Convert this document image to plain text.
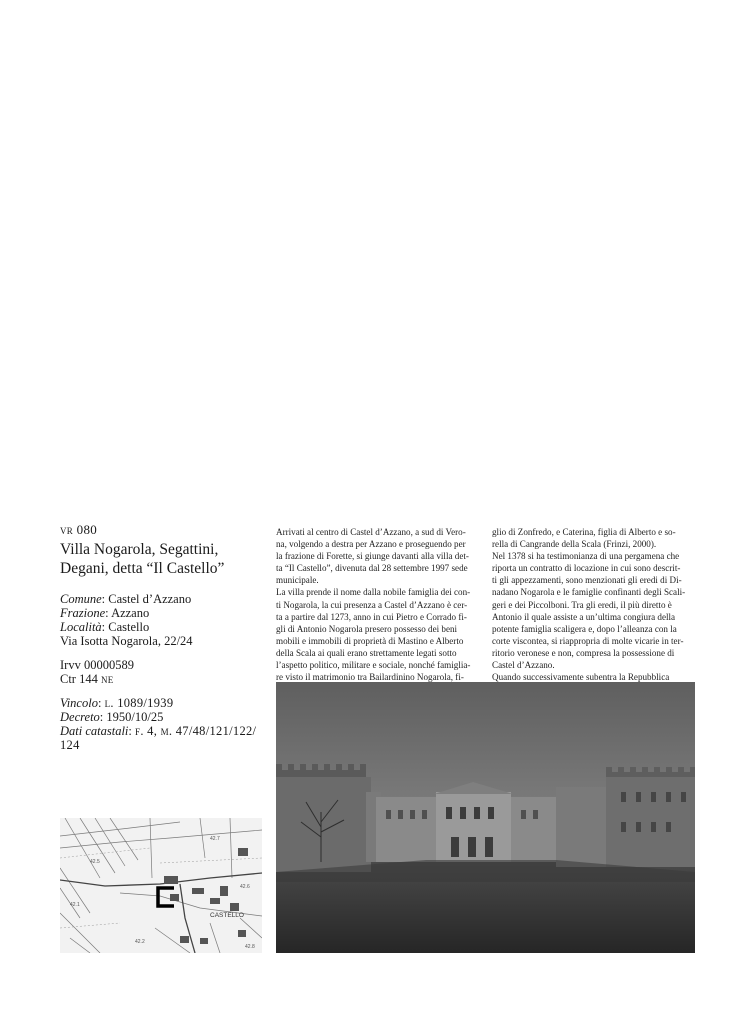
vr 080
Villa Nogarola, Segattini,
Degani, detta “Il Castello”
Comune: Castel d’Azzano
Frazione: Azzano
Località: Castello
Via Isotta Nogarola, 22/24
Irvv 00000589
Ctr 144 ne
Vincolo: l. 1089/1939
Decreto: 1950/10/25
Dati catastali: f. 4, m. 47/48/121/122/
124

Arrivati al centro di Castel d’Azzano, a sud di Vero-

na, volgendo a destra per Azzano e proseguendo per

la frazione di Forette, si giunge davanti alla villa det-

ta “Il Castello”, divenuta dal 28 settembre 1997 sede

municipale.

La villa prende il nome dalla nobile famiglia dei con-

ti Nogarola, la cui presenza a Castel d’Azzano è cer-

ta a partire dal 1273, anno in cui Pietro e Corrado fi-

gli di Antonio Nogarola presero possesso dei beni

mobili e immobili di proprietà di Mastino e Alberto

della Scala ai quali erano strettamente legati sotto

l’aspetto politico, militare e sociale, nonché famiglia-

re visto il matrimonio tra Bailardinino Nogarola, fi-

glio di Zonfredo, e Caterina, figlia di Alberto e so-

rella di Cangrande della Scala (Frinzi, 2000).

Nel 1378 si ha testimonianza di una pergamena che

riporta un contratto di locazione in cui sono descrit-

ti gli appezzamenti, sono menzionati gli eredi di Di-

nadano Nogarola e le famiglie confinanti degli Scali-

geri e dei Piccolboni. Tra gli eredi, il più diretto è

Antonio il quale assiste a un’ultima congiura della

potente famiglia scaligera e, dopo l’alleanza con la

corte viscontea, si riappropria di molte vicarie in ter-

ritorio veronese e non, compresa la possessione di

Castel d’Azzano.

Quando successivamente subentra la Repubblica

CASTELLO
42.5
42.7
42.1
42.2
42.6
42.8
